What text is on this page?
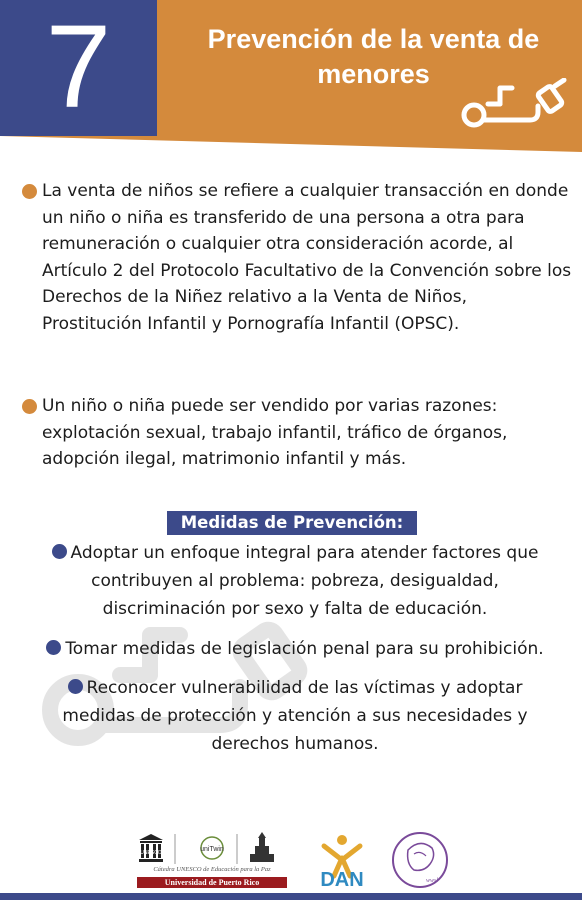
7	Prevención de la venta de menores
La venta de niños se refiere a cualquier transacción en donde un niño o niña es transferido de una persona a otra para remuneración o cualquier otra consideración acorde, al Artículo 2 del Protocolo Facultativo de la Convención sobre los Derechos de la Niñez relativo a la Venta de Niños, Prostitución Infantil y Pornografía Infantil (OPSC).
Un niño o niña puede ser vendido por varias razones: explotación sexual, trabajo infantil, tráfico de órganos, adopción ilegal, matrimonio infantil y más.
Medidas de Prevención:
Adoptar un enfoque integral para atender factores que contribuyen al problema: pobreza, desigualdad, discriminación por sexo y falta de educación.
Tomar medidas de legislación penal para su prohibición.
Reconocer vulnerabilidad de las víctimas y adoptar medidas de protección y atención a sus necesidades y derechos humanos.
UNESCO	uniTwin
Cátedra UNESCO de Educación para la Paz
Universidad de Puerto Rico	DAN	wwsl
